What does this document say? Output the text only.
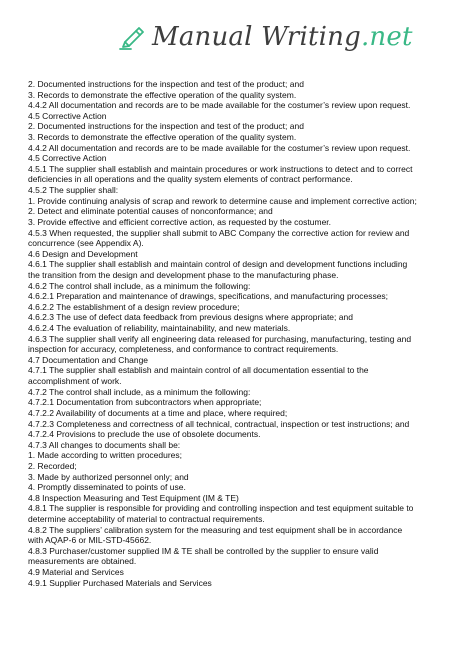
Manual Writing.net
2. Documented instructions for the inspection and test of the product; and
3. Records to demonstrate the effective operation of the quality system.
4.4.2 All documentation and records are to be made available for the costumer’s review upon request.
4.5 Corrective Action
2. Documented instructions for the inspection and test of the product; and
3. Records to demonstrate the effective operation of the quality system.
4.4.2 All documentation and records are to be made available for the costumer’s review upon request.
4.5 Corrective Action
4.5.1 The supplier shall establish and maintain procedures or work instructions to detect and to correct
deficiencies in all operations and the quality system elements of contract performance.
4.5.2 The supplier shall:
1. Provide continuing analysis of scrap and rework to determine cause and implement corrective action;
2. Detect and eliminate potential causes of nonconformance; and
3. Provide effective and efficient corrective action, as requested by the costumer.
4.5.3 When requested, the supplier shall submit to ABC Company the corrective action for review and
concurrence (see Appendix A).
4.6 Design and Development
4.6.1 The supplier shall establish and maintain control of design and development functions including
the transition from the design and development phase to the manufacturing phase.
4.6.2 The control shall include, as a minimum the following:
4.6.2.1 Preparation and maintenance of drawings, specifications, and manufacturing processes;
4.6.2.2 The establishment of a design review procedure;
4.6.2.3 The use of defect data feedback from previous designs where appropriate; and
4.6.2.4 The evaluation of reliability, maintainability, and new materials.
4.6.3 The supplier shall verify all engineering data released for purchasing, manufacturing, testing and
inspection for accuracy, completeness, and conformance to contract requirements.
4.7 Documentation and Change
4.7.1 The supplier shall establish and maintain control of all documentation essential to the
accomplishment of work.
4.7.2 The control shall include, as a minimum the following:
4.7.2.1 Documentation from subcontractors when appropriate;
4.7.2.2 Availability of documents at a time and place, where required;
4.7.2.3 Completeness and correctness of all technical, contractual, inspection or test instructions; and
4.7.2.4 Provisions to preclude the use of obsolete documents.
4.7.3 All changes to documents shall be:
1. Made according to written procedures;
2. Recorded;
3. Made by authorized personnel only; and
4. Promptly disseminated to points of use.
4.8 Inspection Measuring and Test Equipment (IM & TE)
4.8.1 The supplier is responsible for providing and controlling inspection and test equipment suitable to
determine acceptability of material to contractual requirements.
4.8.2 The suppliers’ calibration system for the measuring and test equipment shall be in accordance
with AQAP-6 or MIL-STD-45662.
4.8.3 Purchaser/customer supplied IM & TE shall be controlled by the supplier to ensure valid
measurements are obtained.
4.9 Material and Services
4.9.1 Supplier Purchased Materials and Services
